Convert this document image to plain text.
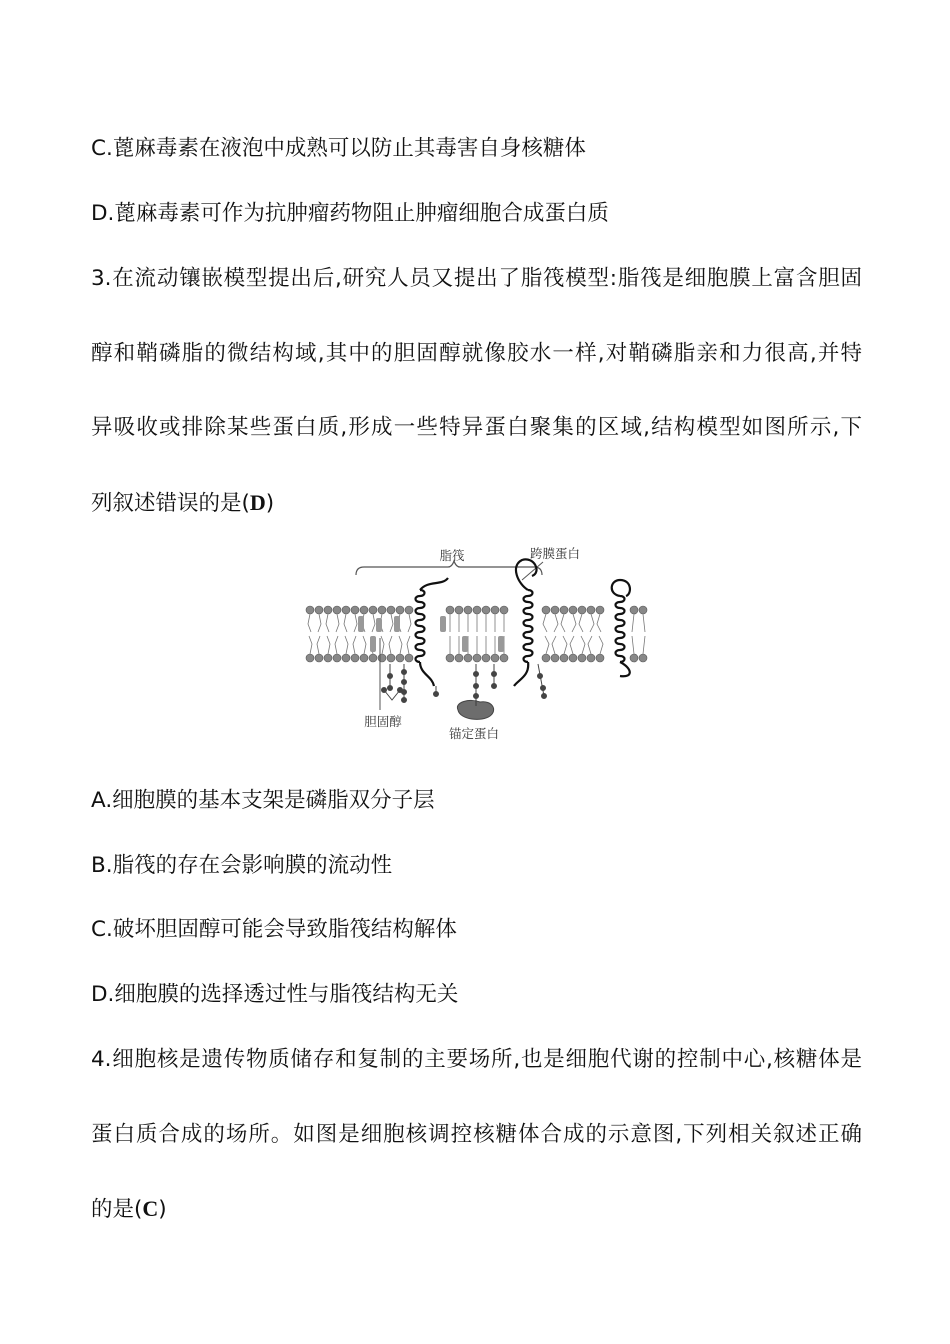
C.蓖麻毒素在液泡中成熟可以防止其毒害自身核糖体
D.蓖麻毒素可作为抗肿瘤药物阻止肿瘤细胞合成蛋白质
3.在流动镶嵌模型提出后,研究人员又提出了脂筏模型:脂筏是细胞膜上富含胆固
醇和鞘磷脂的微结构域,其中的胆固醇就像胶水一样,对鞘磷脂亲和力很高,并特
异吸收或排除某些蛋白质,形成一些特异蛋白聚集的区域,结构模型如图所示,下
列叙述错误的是(D)
脂筏	跨膜蛋白
胆固醇
锚定蛋白
A.细胞膜的基本支架是磷脂双分子层
B.脂筏的存在会影响膜的流动性
C.破坏胆固醇可能会导致脂筏结构解体
D.细胞膜的选择透过性与脂筏结构无关
4.细胞核是遗传物质储存和复制的主要场所,也是细胞代谢的控制中心,核糖体是
蛋白质合成的场所。如图是细胞核调控核糖体合成的示意图,下列相关叙述正确
的是(C)
